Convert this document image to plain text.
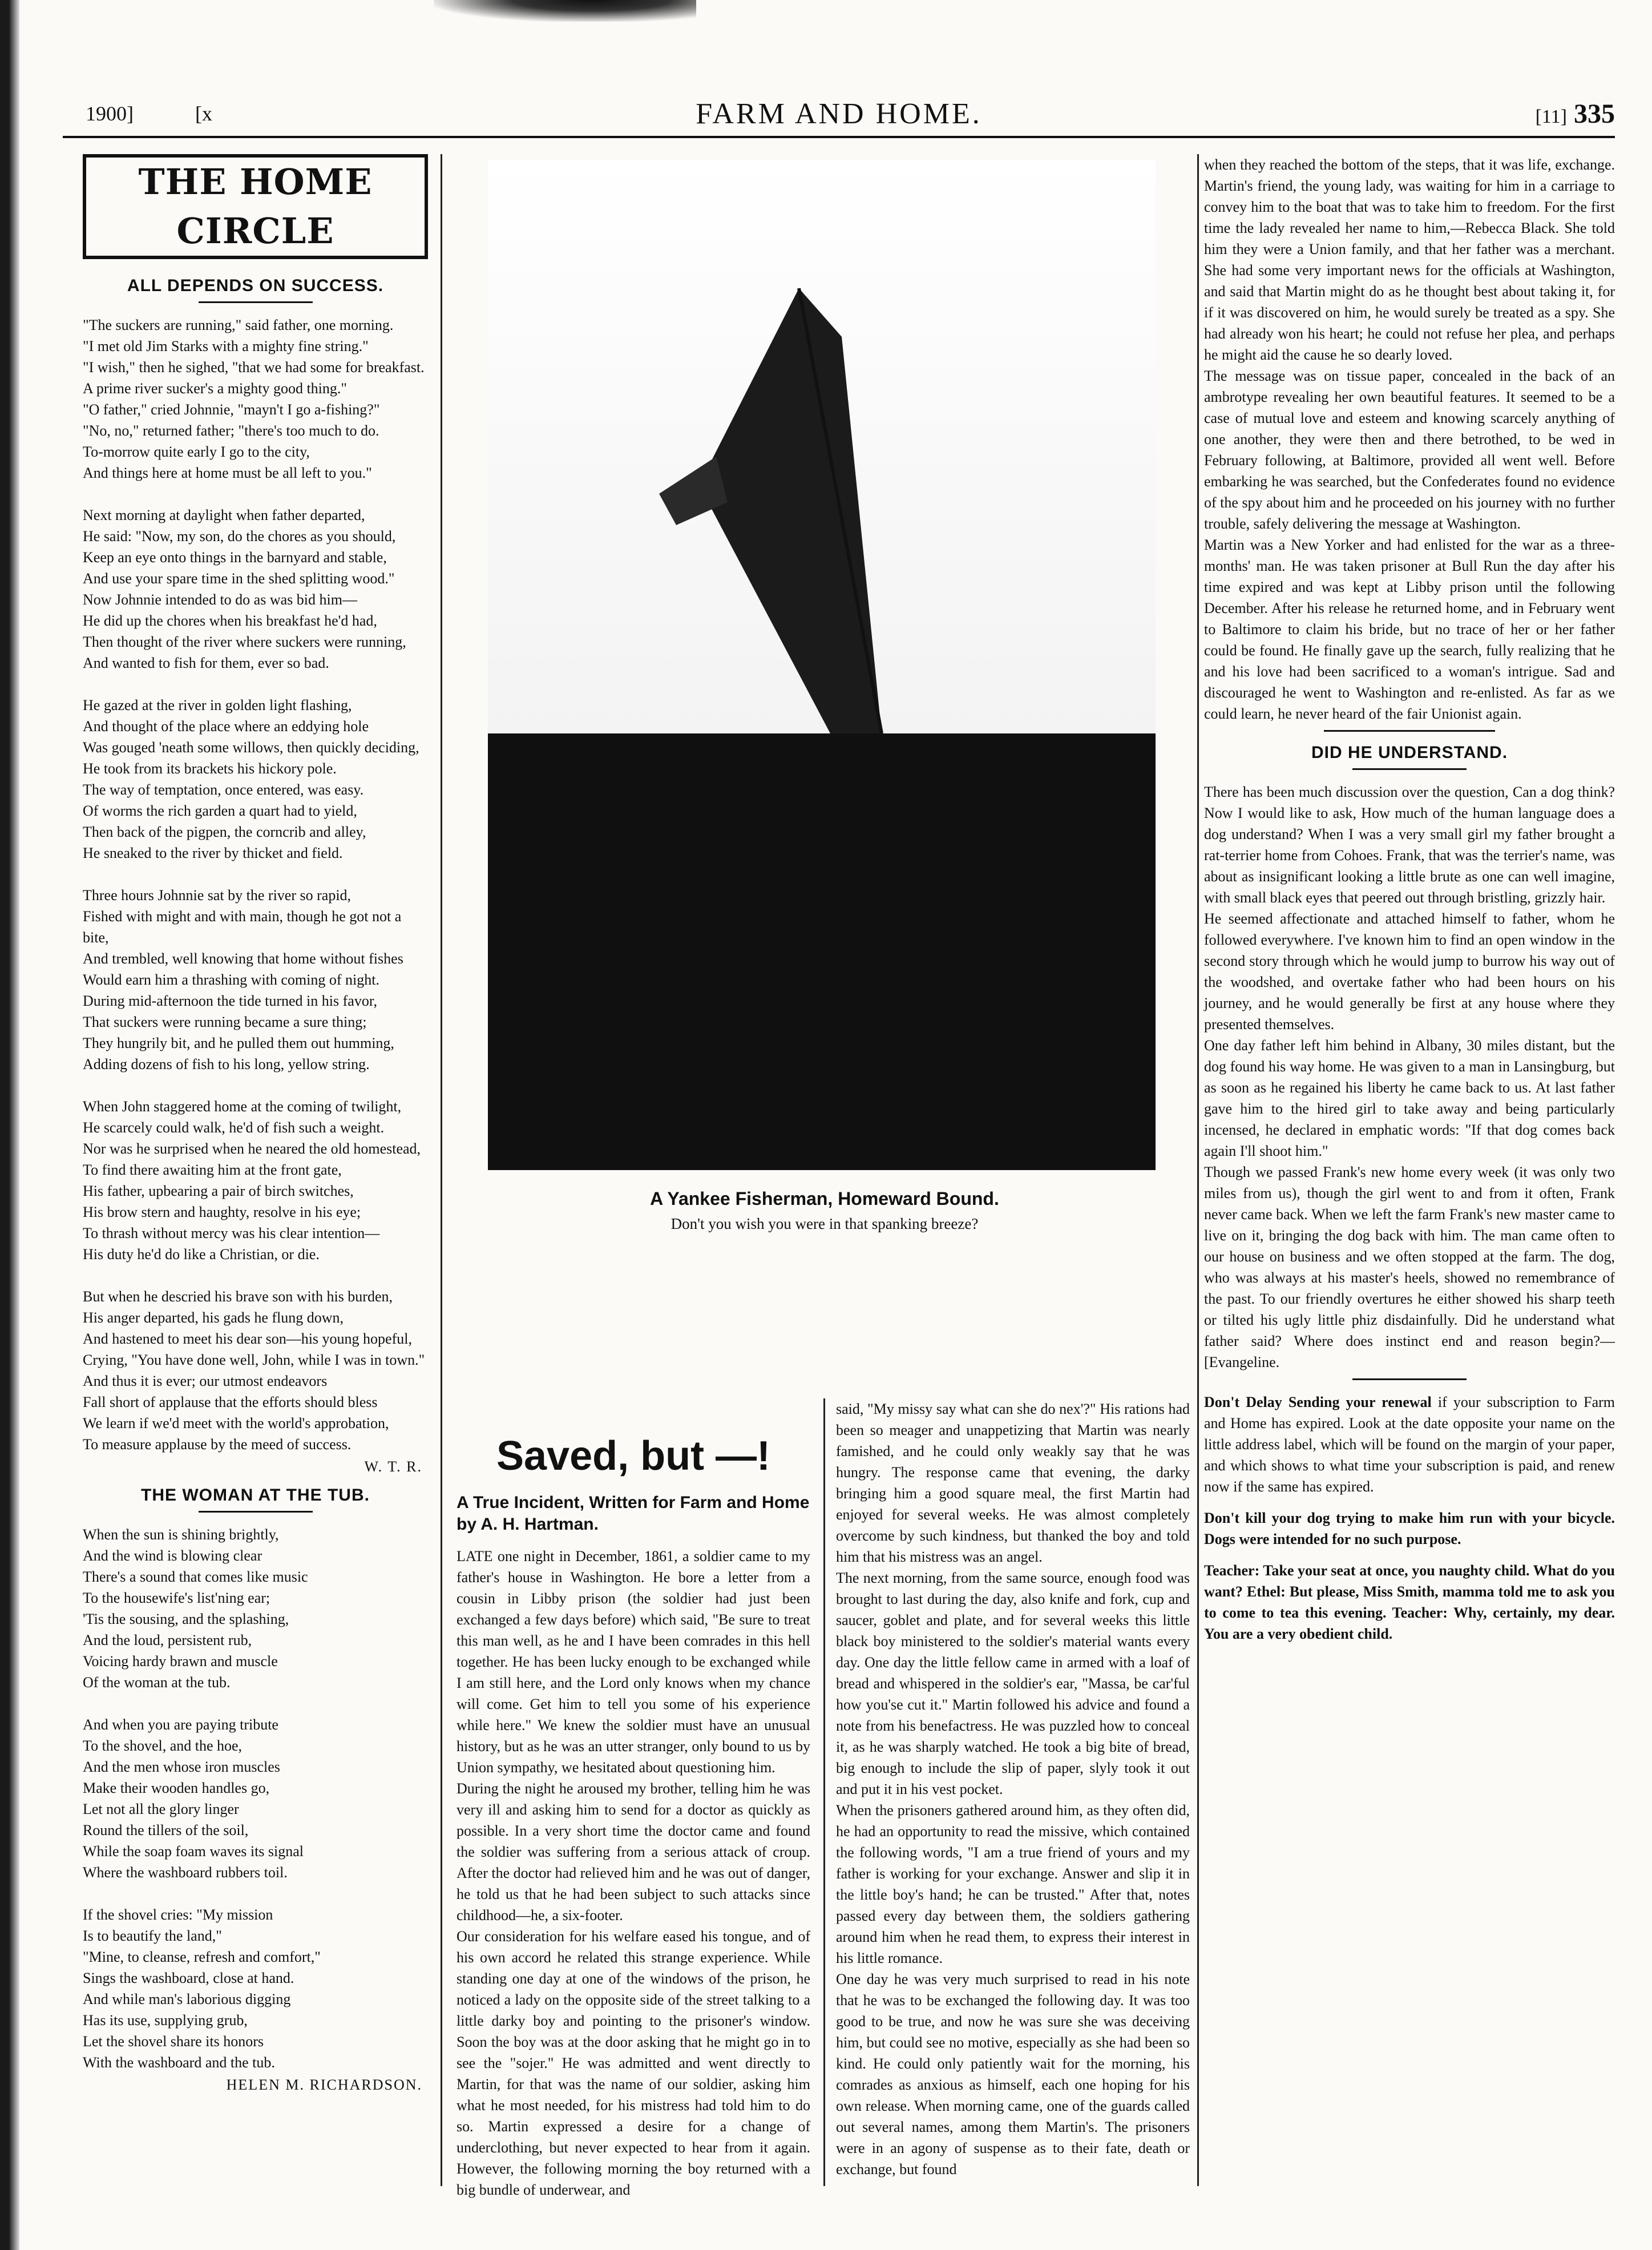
1900]	[x	FARM AND HOME.	[11] 335
THE HOME CIRCLE
ALL DEPENDS ON SUCCESS.

"The suckers are running," said father, one morning.
"I met old Jim Starks with a mighty fine string."
"I wish," then he sighed, "that we had some for breakfast.
A prime river sucker's a mighty good thing."
"O father," cried Johnnie, "mayn't I go a-fishing?"
"No, no," returned father; "there's too much to do.
To-morrow quite early I go to the city,
And things here at home must be all left to you."

Next morning at daylight when father departed,
He said: "Now, my son, do the chores as you should,
Keep an eye onto things in the barnyard and stable,
And use your spare time in the shed splitting wood."
Now Johnnie intended to do as was bid him—
He did up the chores when his breakfast he'd had,
Then thought of the river where suckers were running,
And wanted to fish for them, ever so bad.

He gazed at the river in golden light flashing,
And thought of the place where an eddying hole
Was gouged 'neath some willows, then quickly deciding,
He took from its brackets his hickory pole.
The way of temptation, once entered, was easy.
Of worms the rich garden a quart had to yield,
Then back of the pigpen, the corncrib and alley,
He sneaked to the river by thicket and field.

Three hours Johnnie sat by the river so rapid,
Fished with might and with main, though he got not a bite,
And trembled, well knowing that home without fishes
Would earn him a thrashing with coming of night.
During mid-afternoon the tide turned in his favor,
That suckers were running became a sure thing;
They hungrily bit, and he pulled them out humming,
Adding dozens of fish to his long, yellow string.

When John staggered home at the coming of twilight,
He scarcely could walk, he'd of fish such a weight.
Nor was he surprised when he neared the old homestead,
To find there awaiting him at the front gate,
His father, upbearing a pair of birch switches,
His brow stern and haughty, resolve in his eye;
To thrash without mercy was his clear intention—
His duty he'd do like a Christian, or die.

But when he descried his brave son with his burden,
His anger departed, his gads he flung down,
And hastened to meet his dear son—his young hopeful,
Crying, "You have done well, John, while I was in town."
And thus it is ever; our utmost endeavors
Fall short of applause that the efforts should bless
We learn if we'd meet with the world's approbation,
To measure applause by the meed of success.

W. T. R.
THE WOMAN AT THE TUB.

When the sun is shining brightly,
And the wind is blowing clear
There's a sound that comes like music
To the housewife's list'ning ear;
'Tis the sousing, and the splashing,
And the loud, persistent rub,
Voicing hardy brawn and muscle
Of the woman at the tub.

And when you are paying tribute
To the shovel, and the hoe,
And the men whose iron muscles
Make their wooden handles go,
Let not all the glory linger
Round the tillers of the soil,
While the soap foam waves its signal
Where the washboard rubbers toil.

If the shovel cries: "My mission
Is to beautify the land,"
"Mine, to cleanse, refresh and comfort,"
Sings the washboard, close at hand.
And while man's laborious digging
Has its use, supplying grub,
Let the shovel share its honors
With the washboard and the tub.

HELEN M. RICHARDSON.
A Yankee Fisherman, Homeward Bound.
Don't you wish you were in that spanking breeze?
Saved, but —!

A True Incident, Written for Farm and Home by A. H. Hartman.

LATE one night in December, 1861, a soldier came to my father's house in Washington. He bore a letter from a cousin in Libby prison (the soldier had just been exchanged a few days before) which said, "Be sure to treat this man well, as he and I have been comrades in this hell together. He has been lucky enough to be exchanged while I am still here, and the Lord only knows when my chance will come. Get him to tell you some of his experience while here." We knew the soldier must have an unusual history, but as he was an utter stranger, only bound to us by Union sympathy, we hesitated about questioning him.
During the night he aroused my brother, telling him he was very ill and asking him to send for a doctor as quickly as possible. In a very short time the doctor came and found the soldier was suffering from a serious attack of croup. After the doctor had relieved him and he was out of danger, he told us that he had been subject to such attacks since childhood—he, a six-footer.
Our consideration for his welfare eased his tongue, and of his own accord he related this strange experience. While standing one day at one of the windows of the prison, he noticed a lady on the opposite side of the street talking to a little darky boy and pointing to the prisoner's window. Soon the boy was at the door asking that he might go in to see the "sojer." He was admitted and went directly to Martin, for that was the name of our soldier, asking him what he most needed, for his mistress had told him to do so. Martin expressed a desire for a change of underclothing, but never expected to hear from it again. However, the following morning the boy returned with a big bundle of underwear, and

said, "My missy say what can she do nex'?" His rations had been so meager and unappetizing that Martin was nearly famished, and he could only weakly say that he was hungry. The response came that evening, the darky bringing him a good square meal, the first Martin had enjoyed for several weeks. He was almost completely overcome by such kindness, but thanked the boy and told him that his mistress was an angel.
The next morning, from the same source, enough food was brought to last during the day, also knife and fork, cup and saucer, goblet and plate, and for several weeks this little black boy ministered to the soldier's material wants every day. One day the little fellow came in armed with a loaf of bread and whispered in the soldier's ear, "Massa, be car'ful how you'se cut it." Martin followed his advice and found a note from his benefactress. He was puzzled how to conceal it, as he was sharply watched. He took a big bite of bread, big enough to include the slip of paper, slyly took it out and put it in his vest pocket.
When the prisoners gathered around him, as they often did, he had an opportunity to read the missive, which contained the following words, "I am a true friend of yours and my father is working for your exchange. Answer and slip it in the little boy's hand; he can be trusted." After that, notes passed every day between them, the soldiers gathering around him when he read them, to express their interest in his little romance.
One day he was very much surprised to read in his note that he was to be exchanged the following day. It was too good to be true, and now he was sure she was deceiving him, but could see no motive, especially as she had been so kind. He could only patiently wait for the morning, his comrades as anxious as himself, each one hoping for his own release. When morning came, one of the guards called out several names, among them Martin's. The prisoners were in an agony of suspense as to their fate, death or exchange, but found

when they reached the bottom of the steps, that it was life, exchange. Martin's friend, the young lady, was waiting for him in a carriage to convey him to the boat that was to take him to freedom. For the first time the lady revealed her name to him,—Rebecca Black. She told him they were a Union family, and that her father was a merchant. She had some very important news for the officials at Washington, and said that Martin might do as he thought best about taking it, for if it was discovered on him, he would surely be treated as a spy. She had already won his heart; he could not refuse her plea, and perhaps he might aid the cause he so dearly loved.
The message was on tissue paper, concealed in the back of an ambrotype revealing her own beautiful features. It seemed to be a case of mutual love and esteem and knowing scarcely anything of one another, they were then and there betrothed, to be wed in February following, at Baltimore, provided all went well. Before embarking he was searched, but the Confederates found no evidence of the spy about him and he proceeded on his journey with no further trouble, safely delivering the message at Washington.
Martin was a New Yorker and had enlisted for the war as a three-months' man. He was taken prisoner at Bull Run the day after his time expired and was kept at Libby prison until the following December. After his release he returned home, and in February went to Baltimore to claim his bride, but no trace of her or her father could be found. He finally gave up the search, fully realizing that he and his love had been sacrificed to a woman's intrigue. Sad and discouraged he went to Washington and re-enlisted. As far as we could learn, he never heard of the fair Unionist again.

DID HE UNDERSTAND.

There has been much discussion over the question, Can a dog think? Now I would like to ask, How much of the human language does a dog understand? When I was a very small girl my father brought a rat-terrier home from Cohoes. Frank, that was the terrier's name, was about as insignificant looking a little brute as one can well imagine, with small black eyes that peered out through bristling, grizzly hair.
He seemed affectionate and attached himself to father, whom he followed everywhere. I've known him to find an open window in the second story through which he would jump to burrow his way out of the woodshed, and overtake father who had been hours on his journey, and he would generally be first at any house where they presented themselves.
One day father left him behind in Albany, 30 miles distant, but the dog found his way home. He was given to a man in Lansingburg, but as soon as he regained his liberty he came back to us. At last father gave him to the hired girl to take away and being particularly incensed, he declared in emphatic words: "If that dog comes back again I'll shoot him."
Though we passed Frank's new home every week (it was only two miles from us), though the girl went to and from it often, Frank never came back. When we left the farm Frank's new master came to live on it, bringing the dog back with him. The man came often to our house on business and we often stopped at the farm. The dog, who was always at his master's heels, showed no remembrance of the past. To our friendly overtures he either showed his sharp teeth or tilted his ugly little phiz disdainfully. Did he understand what father said? Where does instinct end and reason begin?—[Evangeline.

Don't Delay Sending your renewal if your subscription to Farm and Home has expired. Look at the date opposite your name on the little address label, which will be found on the margin of your paper, and which shows to what time your subscription is paid, and renew now if the same has expired.

Don't kill your dog trying to make him run with your bicycle. Dogs were intended for no such purpose.

Teacher: Take your seat at once, you naughty child. What do you want? Ethel: But please, Miss Smith, mamma told me to ask you to come to tea this evening. Teacher: Why, certainly, my dear. You are a very obedient child.
